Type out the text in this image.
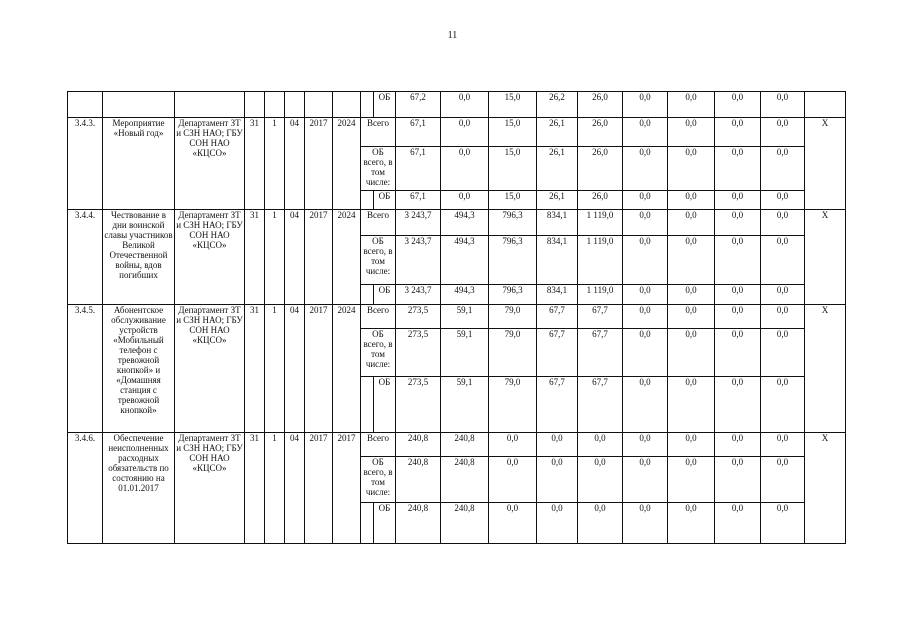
11
									ОБ	67,2	0,0	15,0	26,2	26,0	0,0	0,0	0,0	0,0	
3.4.3.	Мероприятие «Новый год»	Департамент ЗТ и СЗН НАО; ГБУ СОН НАО «КЦСО»	31	1	04	2017	2024	Всего		67,1	0,0	15,0	26,1	26,0	0,0	0,0	0,0	0,0	X
								ОБ всего, в том числе:		67,1	0,0	15,0	26,1	26,0	0,0	0,0	0,0	0,0	
									ОБ	67,1	0,0	15,0	26,1	26,0	0,0	0,0	0,0	0,0	
3.4.4.	Чествование в дни воинской славы участников Великой Отечественной войны, вдов погибших	Департамент ЗТ и СЗН НАО; ГБУ СОН НАО «КЦСО»	31	1	04	2017	2024	Всего		3 243,7	494,3	796,3	834,1	1 119,0	0,0	0,0	0,0	0,0	X
								ОБ всего, в том числе:		3 243,7	494,3	796,3	834,1	1 119,0	0,0	0,0	0,0	0,0	
									ОБ	3 243,7	494,3	796,3	834,1	1 119,0	0,0	0,0	0,0	0,0	
3.4.5.	Абонентское обслуживание устройств «Мобильный телефон с тревожной кнопкой» и «Домашняя станция с тревожной кнопкой»	Департамент ЗТ и СЗН НАО; ГБУ СОН НАО «КЦСО»	31	1	04	2017	2024	Всего		273,5	59,1	79,0	67,7	67,7	0,0	0,0	0,0	0,0	X
								ОБ всего, в том числе:		273,5	59,1	79,0	67,7	67,7	0,0	0,0	0,0	0,0	
									ОБ	273,5	59,1	79,0	67,7	67,7	0,0	0,0	0,0	0,0	
3.4.6.	Обеспечение неисполненных расходных обязательств по состоянию на 01.01.2017	Департамент ЗТ и СЗН НАО; ГБУ СОН НАО «КЦСО»	31	1	04	2017	2017	Всего		240,8	240,8	0,0	0,0	0,0	0,0	0,0	0,0	0,0	X
								ОБ всего, в том числе:		240,8	240,8	0,0	0,0	0,0	0,0	0,0	0,0	0,0	
									ОБ	240,8	240,8	0,0	0,0	0,0	0,0	0,0	0,0	0,0	
